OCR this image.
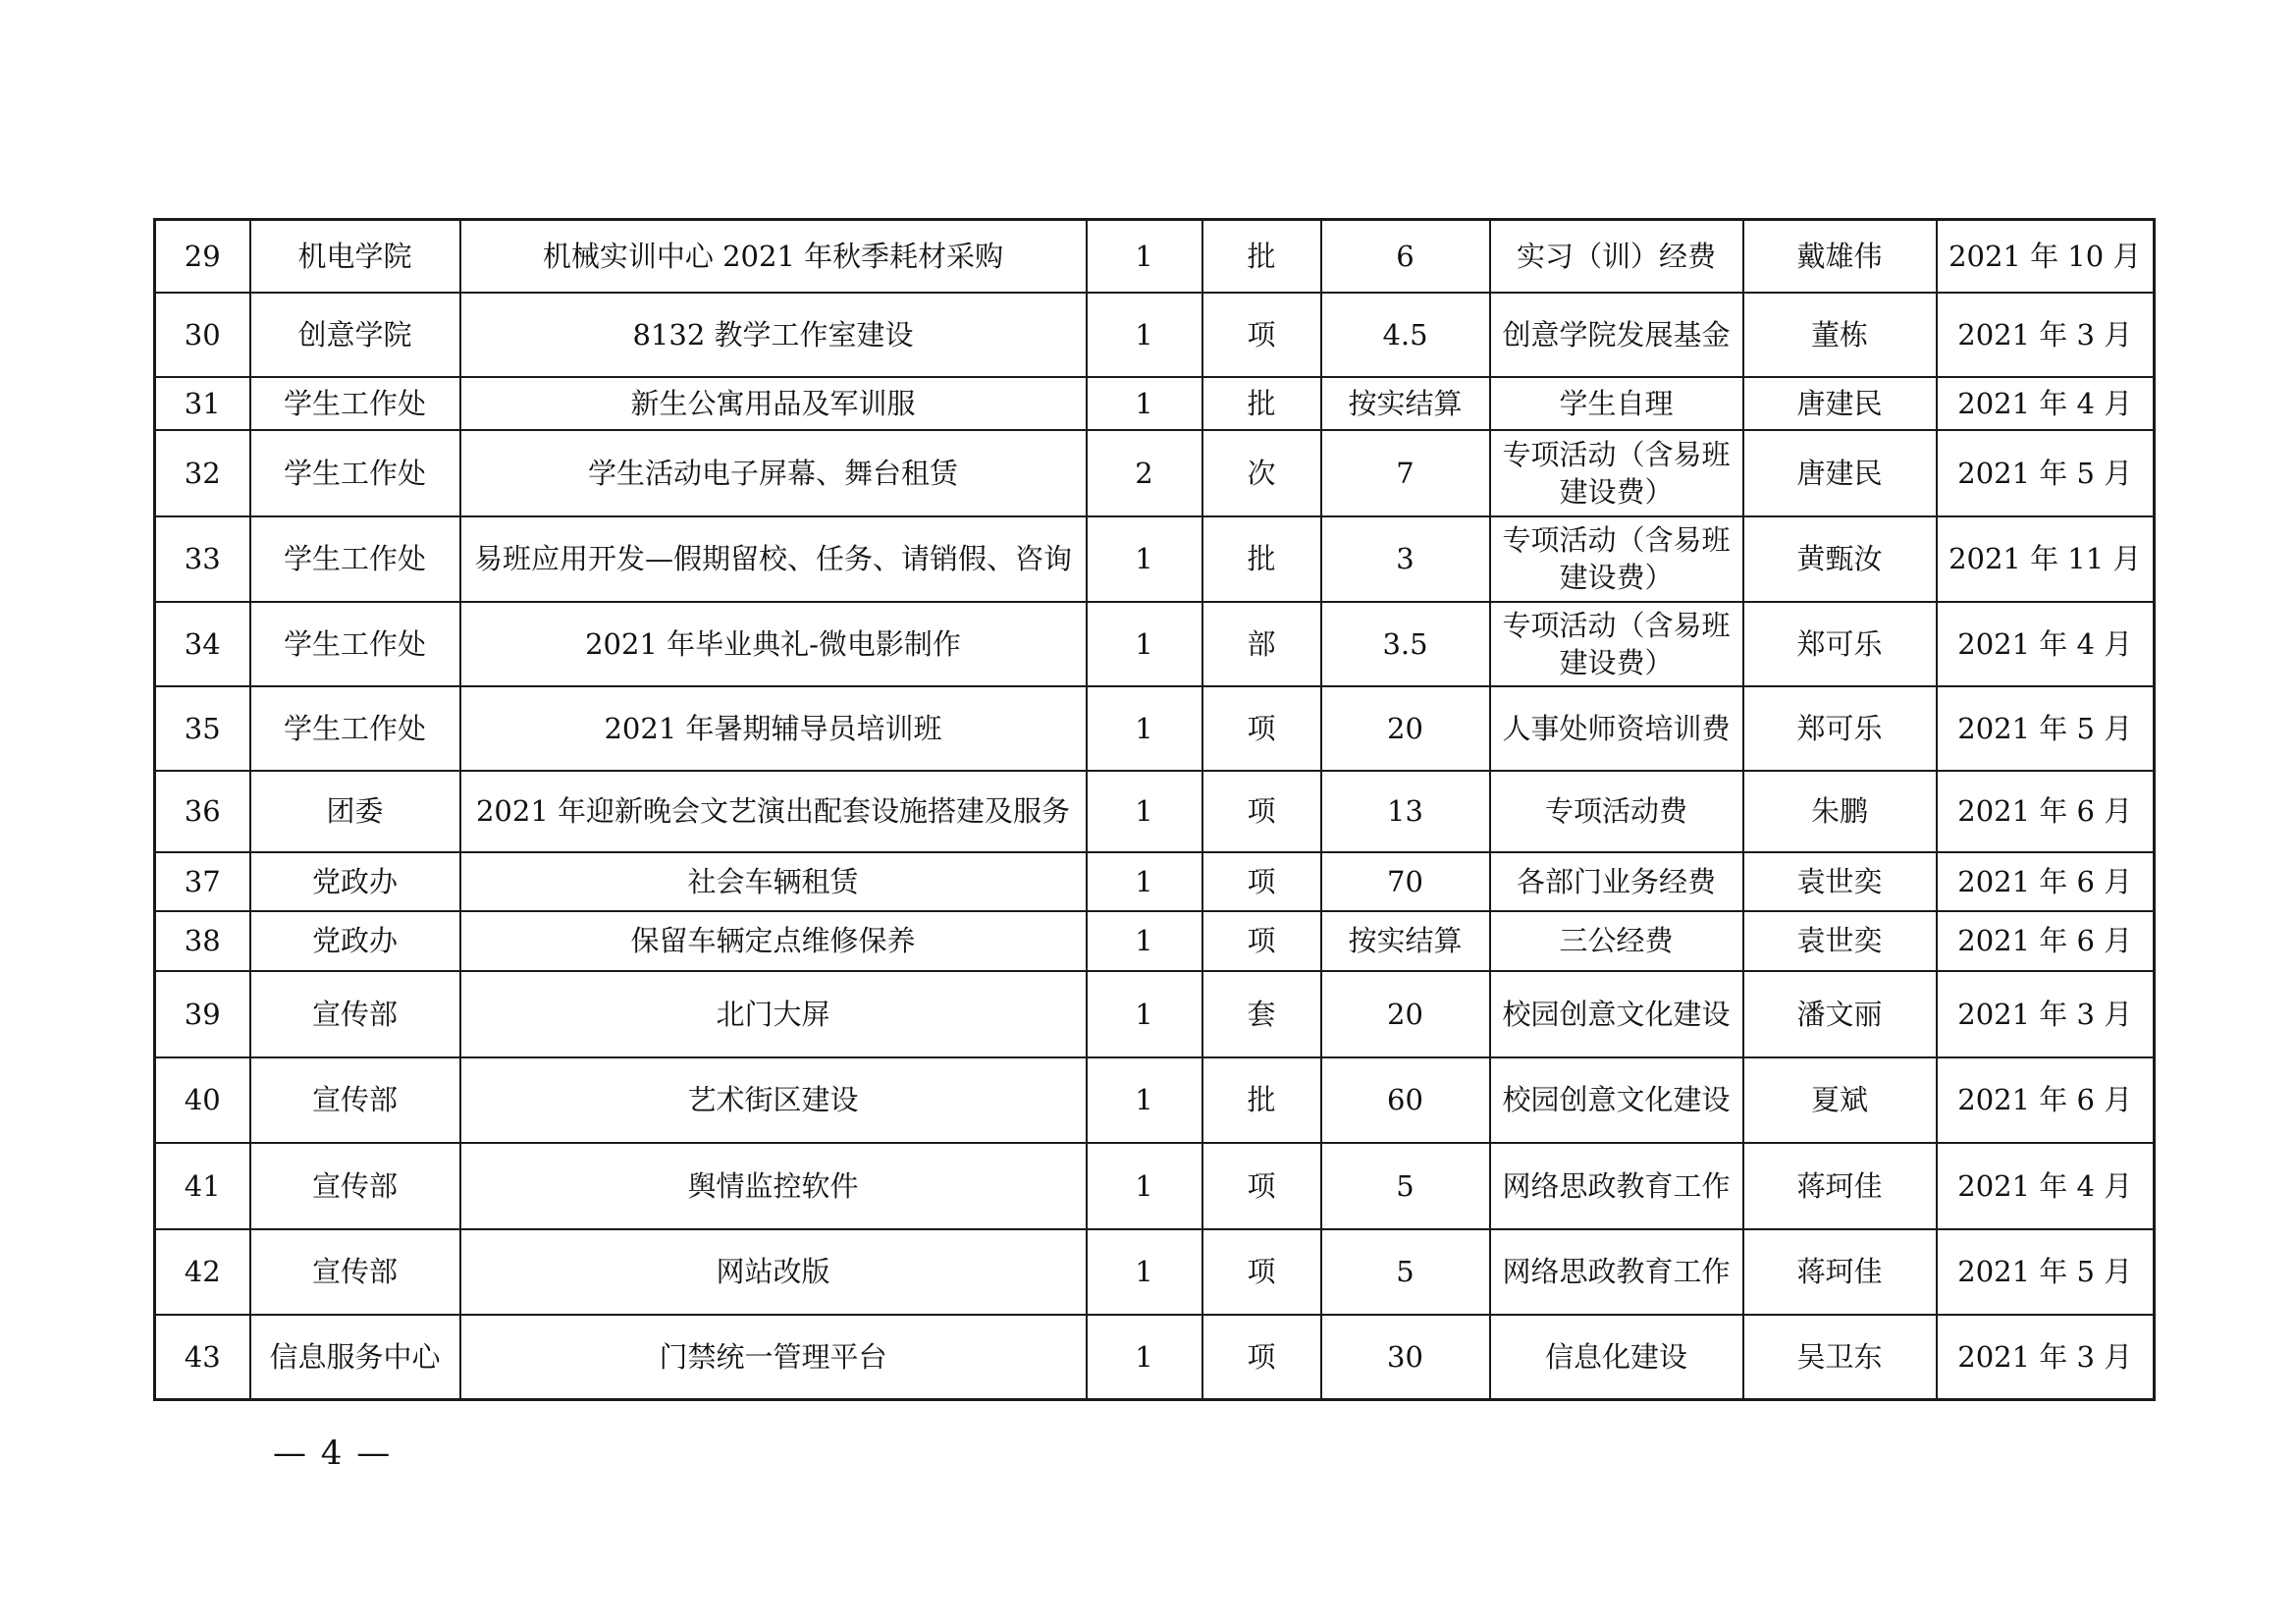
29	机电学院	机械实训中心 2021 年秋季耗材采购	1	批	6	实习（训）经费	戴雄伟	2021 年 10 月
30	创意学院	8132 教学工作室建设	1	项	4.5	创意学院发展基金	董栋	2021 年 3 月
31	学生工作处	新生公寓用品及军训服	1	批	按实结算	学生自理	唐建民	2021 年 4 月
32	学生工作处	学生活动电子屏幕、舞台租赁	2	次	7	专项活动（含易班建设费）	唐建民	2021 年 5 月
33	学生工作处	易班应用开发—假期留校、任务、请销假、咨询	1	批	3	专项活动（含易班建设费）	黄甄汝	2021 年 11 月
34	学生工作处	2021 年毕业典礼-微电影制作	1	部	3.5	专项活动（含易班建设费）	郑可乐	2021 年 4 月
35	学生工作处	2021 年暑期辅导员培训班	1	项	20	人事处师资培训费	郑可乐	2021 年 5 月
36	团委	2021 年迎新晚会文艺演出配套设施搭建及服务	1	项	13	专项活动费	朱鹏	2021 年 6 月
37	党政办	社会车辆租赁	1	项	70	各部门业务经费	袁世奕	2021 年 6 月
38	党政办	保留车辆定点维修保养	1	项	按实结算	三公经费	袁世奕	2021 年 6 月
39	宣传部	北门大屏	1	套	20	校园创意文化建设	潘文丽	2021 年 3 月
40	宣传部	艺术街区建设	1	批	60	校园创意文化建设	夏斌	2021 年 6 月
41	宣传部	舆情监控软件	1	项	5	网络思政教育工作	蒋珂佳	2021 年 4 月
42	宣传部	网站改版	1	项	5	网络思政教育工作	蒋珂佳	2021 年 5 月
43	信息服务中心	门禁统一管理平台	1	项	30	信息化建设	吴卫东	2021 年 3 月
— 4 —
